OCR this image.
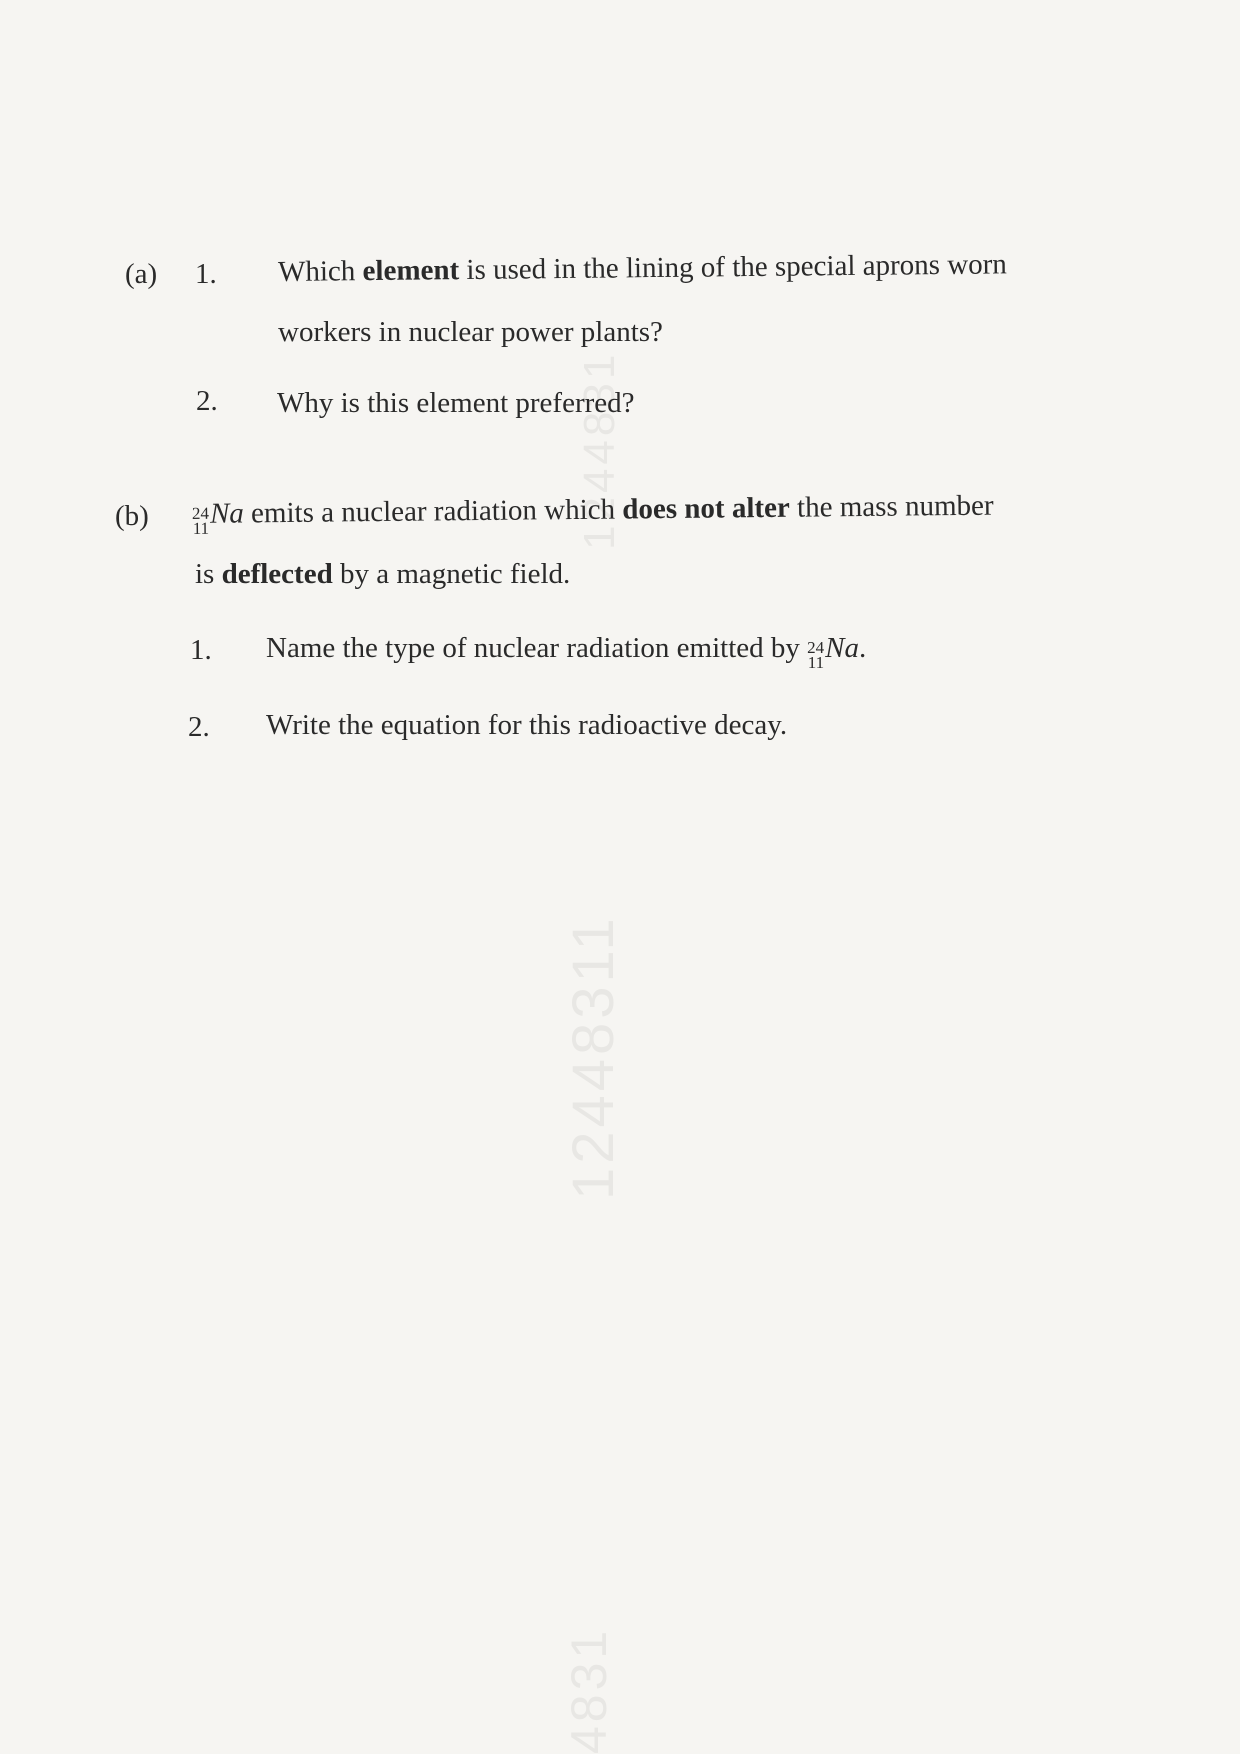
1244831
12448311
4831
(a) 1. Which element is used in the lining of the special aprons worn
workers in nuclear power plants?
2. Why is this element preferred?
(b)	24
11 Na emits a nuclear radiation which does not alter the mass number
is deflected by a magnetic field.
1. Name the type of nuclear radiation emitted by 24
11 Na.
2. Write the equation for this radioactive decay.
